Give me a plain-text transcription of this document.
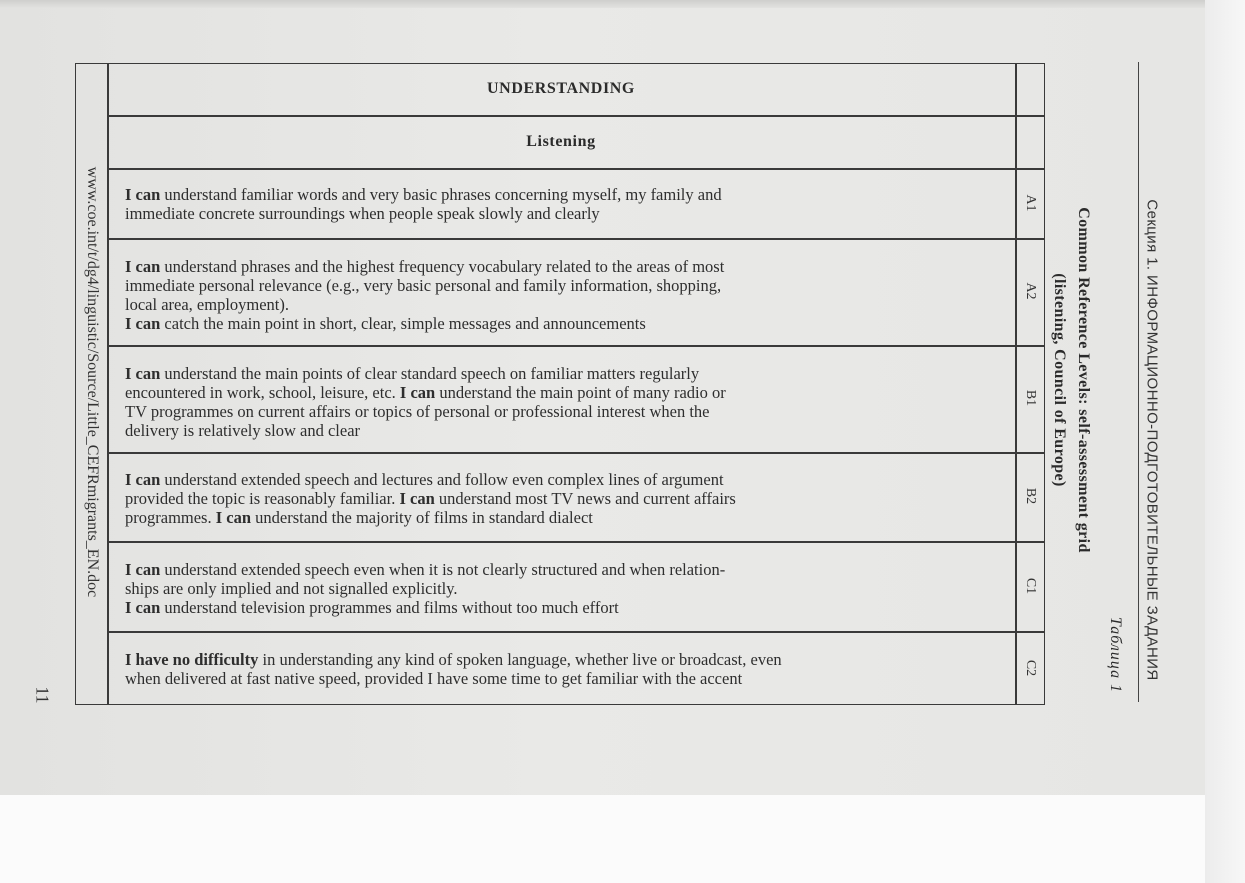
Секция 1. ИНФОРМАЦИОННО-ПОДГОТОВИТЕЛЬНЫЕ ЗАДАНИЯ
Таблица 1
Common Reference Levels: self-assessment grid
(listening, Council of Europe)
www.coe.int/t/dg4/linguistic/Source/Little_CEFRmigrants_EN.doc
11
UNDERSTANDING
Listening
I can understand familiar words and very basic phrases concerning myself, my family and
immediate concrete surroundings when people speak slowly and clearly
A1
I can understand phrases and the highest frequency vocabulary related to the areas of most
immediate personal relevance (e.g., very basic personal and family information, shopping,
local area, employment).
I can catch the main point in short, clear, simple messages and announcements
A2
I can understand the main points of clear standard speech on familiar matters regularly
encountered in work, school, leisure, etc. I can understand the main point of many radio or
TV programmes on current affairs or topics of personal or professional interest when the
delivery is relatively slow and clear
B1
I can understand extended speech and lectures and follow even complex lines of argument
provided the topic is reasonably familiar. I can understand most TV news and current affairs
programmes. I can understand the majority of films in standard dialect
B2
I can understand extended speech even when it is not clearly structured and when relation-
ships are only implied and not signalled explicitly.
I can understand television programmes and films without too much effort
C1
I have no difficulty in understanding any kind of spoken language, whether live or broadcast, even
when delivered at fast native speed, provided I have some time to get familiar with the accent
C2
